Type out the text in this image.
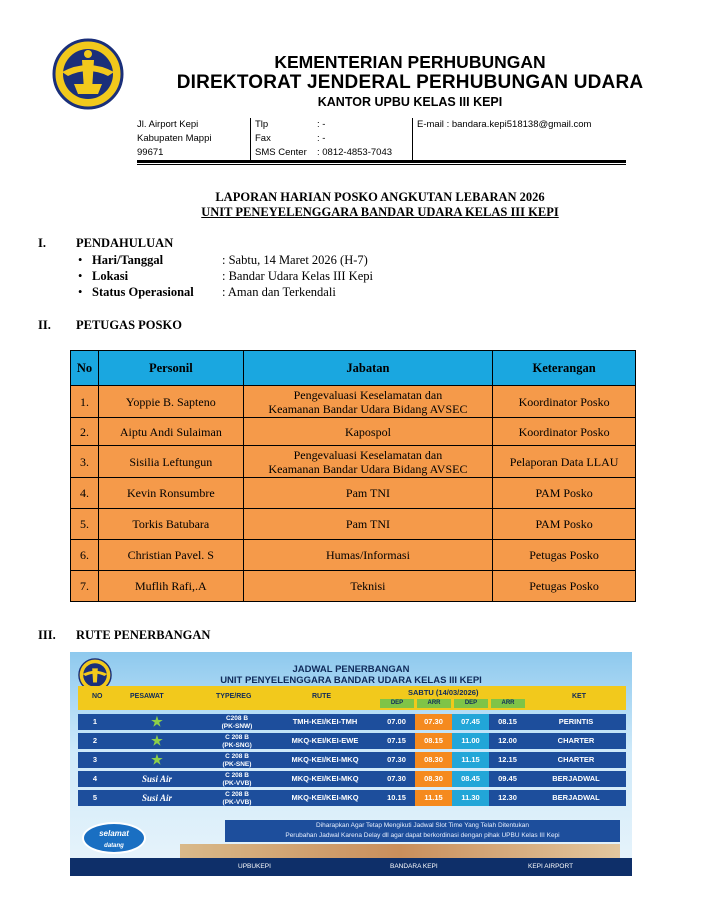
KEMENTERIAN PERHUBUNGAN
DIREKTORAT JENDERAL PERHUBUNGAN UDARA
KANTOR UPBU KELAS III KEPI
Jl. Airport Kepi
Kabupaten Mappi
99671
Tlp	: -
Fax	: -
SMS Center : 0812-4853-7043
E-mail : bandara.kepi518138@gmail.com
LAPORAN HARIAN POSKO ANGKUTAN LEBARAN 2026
UNIT PENEYELENGGARA BANDAR UDARA KELAS III KEPI
I. PENDAHULUAN
• Hari/Tanggal	: Sabtu, 14 Maret 2026 (H-7)
• Lokasi	: Bandar Udara Kelas III Kepi
• Status Operasional : Aman dan Terkendali
II. PETUGAS POSKO
No	Personil	Jabatan	Keterangan
1.	Yoppie B. Sapteno	Pengevaluasi Keselamatan dan
Keamanan Bandar Udara Bidang AVSEC	Koordinator Posko
2.	Aiptu Andi Sulaiman	Kapospol	Koordinator Posko
3.	Sisilia Leftungun	Pengevaluasi Keselamatan dan
Keamanan Bandar Udara Bidang AVSEC	Pelaporan Data LLAU
4.	Kevin Ronsumbre	Pam TNI	PAM Posko
5.	Torkis Batubara	Pam TNI	PAM Posko
6.	Christian Pavel. S	Humas/Informasi	Petugas Posko
7.	Muflih Rafi,.A	Teknisi	Petugas Posko
III. RUTE PENERBANGAN
JADWAL PENERBANGAN
UNIT PENYELENGGARA BANDAR UDARA KELAS III KEPI
NO	PESAWAT	TYPE/REG	RUTE	SABTU (14/03/2026)
DEP	ARR	DEP	ARR
KET
1	★	C208 B
(PK-SNW)	TMH-KEI/KEI-TMH	07.00	07.30	07.45	08.15	PERINTIS
2	★	C 208 B
(PK-SNG)	MKQ-KEI/KEI-EWE	07.15	08.15	11.00	12.00	CHARTER
3	★	C 208 B
(PK-SNE)	MKQ-KEI/KEI-MKQ	07.30	08.30	11.15	12.15	CHARTER
4	Susi Air	C 208 B
(PK-VVB)	MKQ-KEI/KEI-MKQ	07.30	08.30	08.45	09.45	BERJADWAL
5	Susi Air	C 208 B
(PK-VVB)	MKQ-KEI/KEI-MKQ	10.15	11.15	11.30	12.30	BERJADWAL
selamat
datang
Diharapkan Agar Tetap Mengikuti Jadwal Slot Time Yang Telah Ditentukan
Perubahan Jadwal Karena Delay dll agar dapat berkordinasi dengan pihak UPBU Kelas III Kepi
UPBUKEPI	BANDARA KEPI	KEPI AIRPORT
